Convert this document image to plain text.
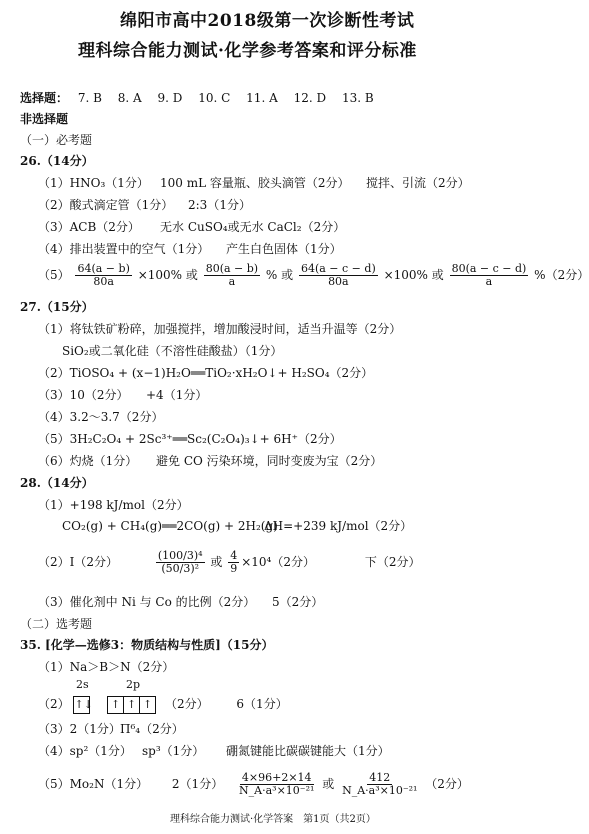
绵阳市高中2018级第一次诊断性考试
理科综合能力测试·化学参考答案和评分标准
选择题： 7. B 8. A 9. D 10. C 11. A 12. D 13. B
非选择题
（一）必考题
26.（14分）
（1）HNO₃（1分） 100 mL 容量瓶、胶头滴管（2分） 搅拌、引流（2分）
（2）酸式滴定管（1分） 2:3（1分）
（3）ACB（2分） 无水 CuSO₄或无水 CaCl₂（2分）
（4）排出装置中的空气（1分） 产生白色固体（1分）
$(5) \frac{64(a - b)}{80a} \times 100\%$ 或 $\frac{80(a - b)}{a}$ % 或 $\frac{64(a - c - d)}{80a} \times 100\%$ 或 $\frac{80(a - c - d)}{a} \%(2$分）
27.（15分）
（1）将钛铁矿粉碎，加强搅拌，增加酸浸时间，适当升温等（2分）
SiO₂或二氧化硅（不溶性硅酸盐）（1分）
（2）TiOSO₄ + (x−1)H₂O══TiO₂·xH₂O↓+ H₂SO₄（2分）
（3）10（2分） +4（1分）
（4）3.2～3.7（2分）
（5）3H₂C₂O₄ + 2Sc³⁺══Sc₂(C₂O₄)₃↓+ 6H⁺（2分）
（6）灼烧（1分） 避免 CO 污染环境，同时变废为宝（2分）
28.（14分）
（1）+198 kJ/mol（2分）
CO₂(g) + CH₄(g)══2CO(g) + 2H₂(g)
ΔH=+239 kJ/mol（2分）
（2）I（2分）	$\frac{\text{(100/3)⁴}}{\text{(50/3)²}}$ 或 $\frac{4}{9} \times 10^4(2$分）	下（2分）
（3）催化剂中 Ni 与 Co 的比例（2分） 5（2分）
（二）选考题
35. [化学—选修3：物质结构与性质]（15分）
（1）Na＞B＞N（2分）
2s	2p
（2） ↑↓ ↑ ↑ ↑ （2分） 6（1分）
（3）2（1分） Π⁶₄（2分）
（4）sp²（1分） sp³（1分） 硼氮键能比碳碳键能大（1分）
（5）Mo₂N（1分） 2（1分） $\frac{4\times 96+2\times 14}{\text{N\_A·a³×10⁻²¹}}$ 或 $\frac{412}{\text{N\_A·a³×10⁻²¹}} (2$分）
理科综合能力测试·化学答案　第1页（共2页）
